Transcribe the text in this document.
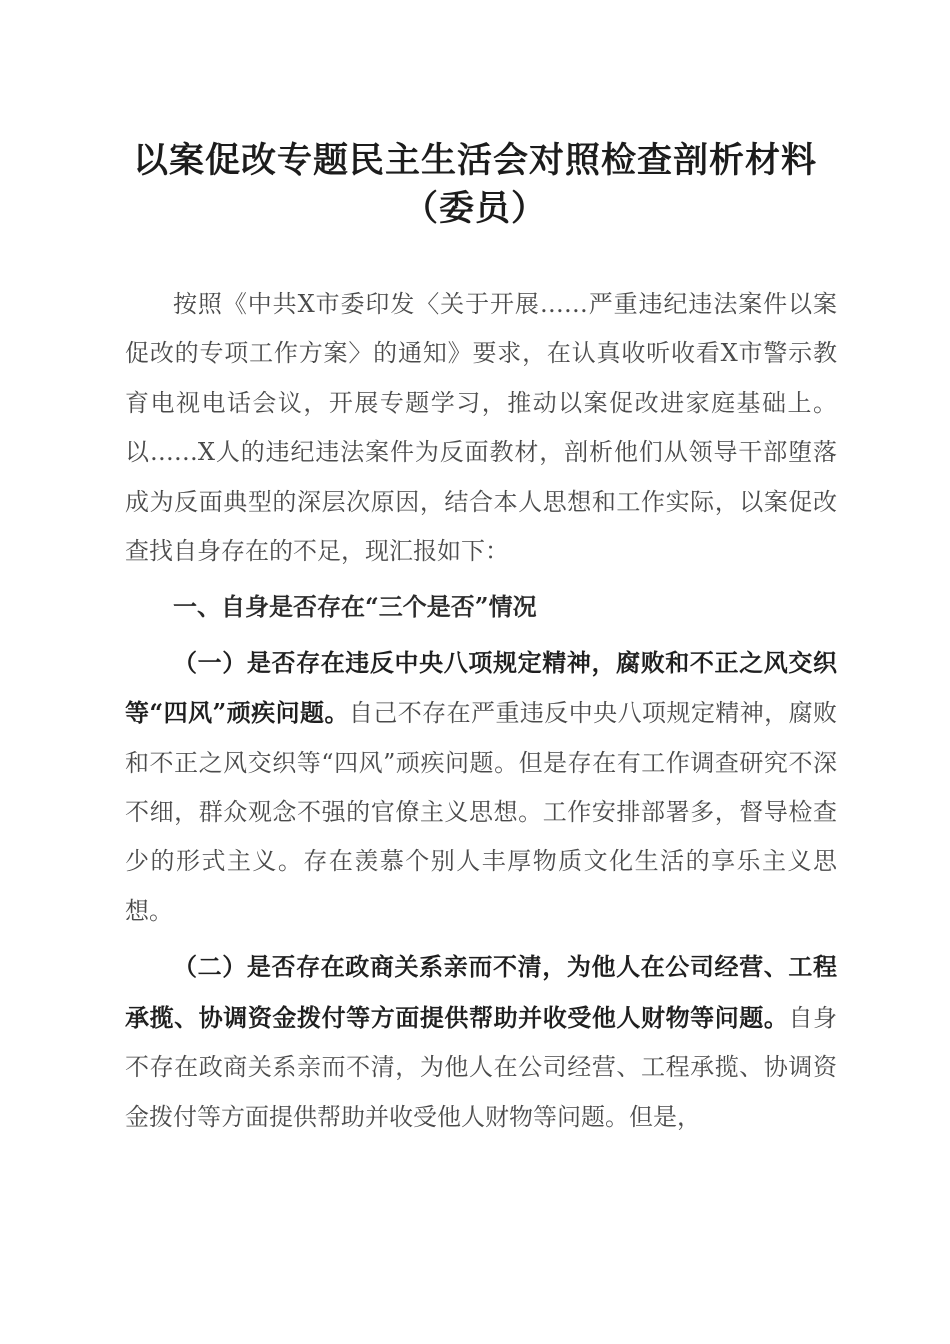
以案促改专题民主生活会对照检查剖析材料
（委员）

按照《中共X市委印发〈关于开展……严重违纪违法案件以案促改的专项工作方案〉的通知》要求，在认真收听收看X市警示教育电视电话会议，开展专题学习，推动以案促改进家庭基础上。以……X人的违纪违法案件为反面教材，剖析他们从领导干部堕落成为反面典型的深层次原因，结合本人思想和工作实际，以案促改查找自身存在的不足，现汇报如下：

一、自身是否存在“三个是否”情况

（一）是否存在违反中央八项规定精神，腐败和不正之风交织等“四风”顽疾问题。自己不存在严重违反中央八项规定精神，腐败和不正之风交织等“四风”顽疾问题。但是存在有工作调查研究不深不细，群众观念不强的官僚主义思想。工作安排部署多，督导检查少的形式主义。存在羡慕个别人丰厚物质文化生活的享乐主义思想。

（二）是否存在政商关系亲而不清，为他人在公司经营、工程承揽、协调资金拨付等方面提供帮助并收受他人财物等问题。自身不存在政商关系亲而不清，为他人在公司经营、工程承揽、协调资金拨付等方面提供帮助并收受他人财物等问题。但是，
